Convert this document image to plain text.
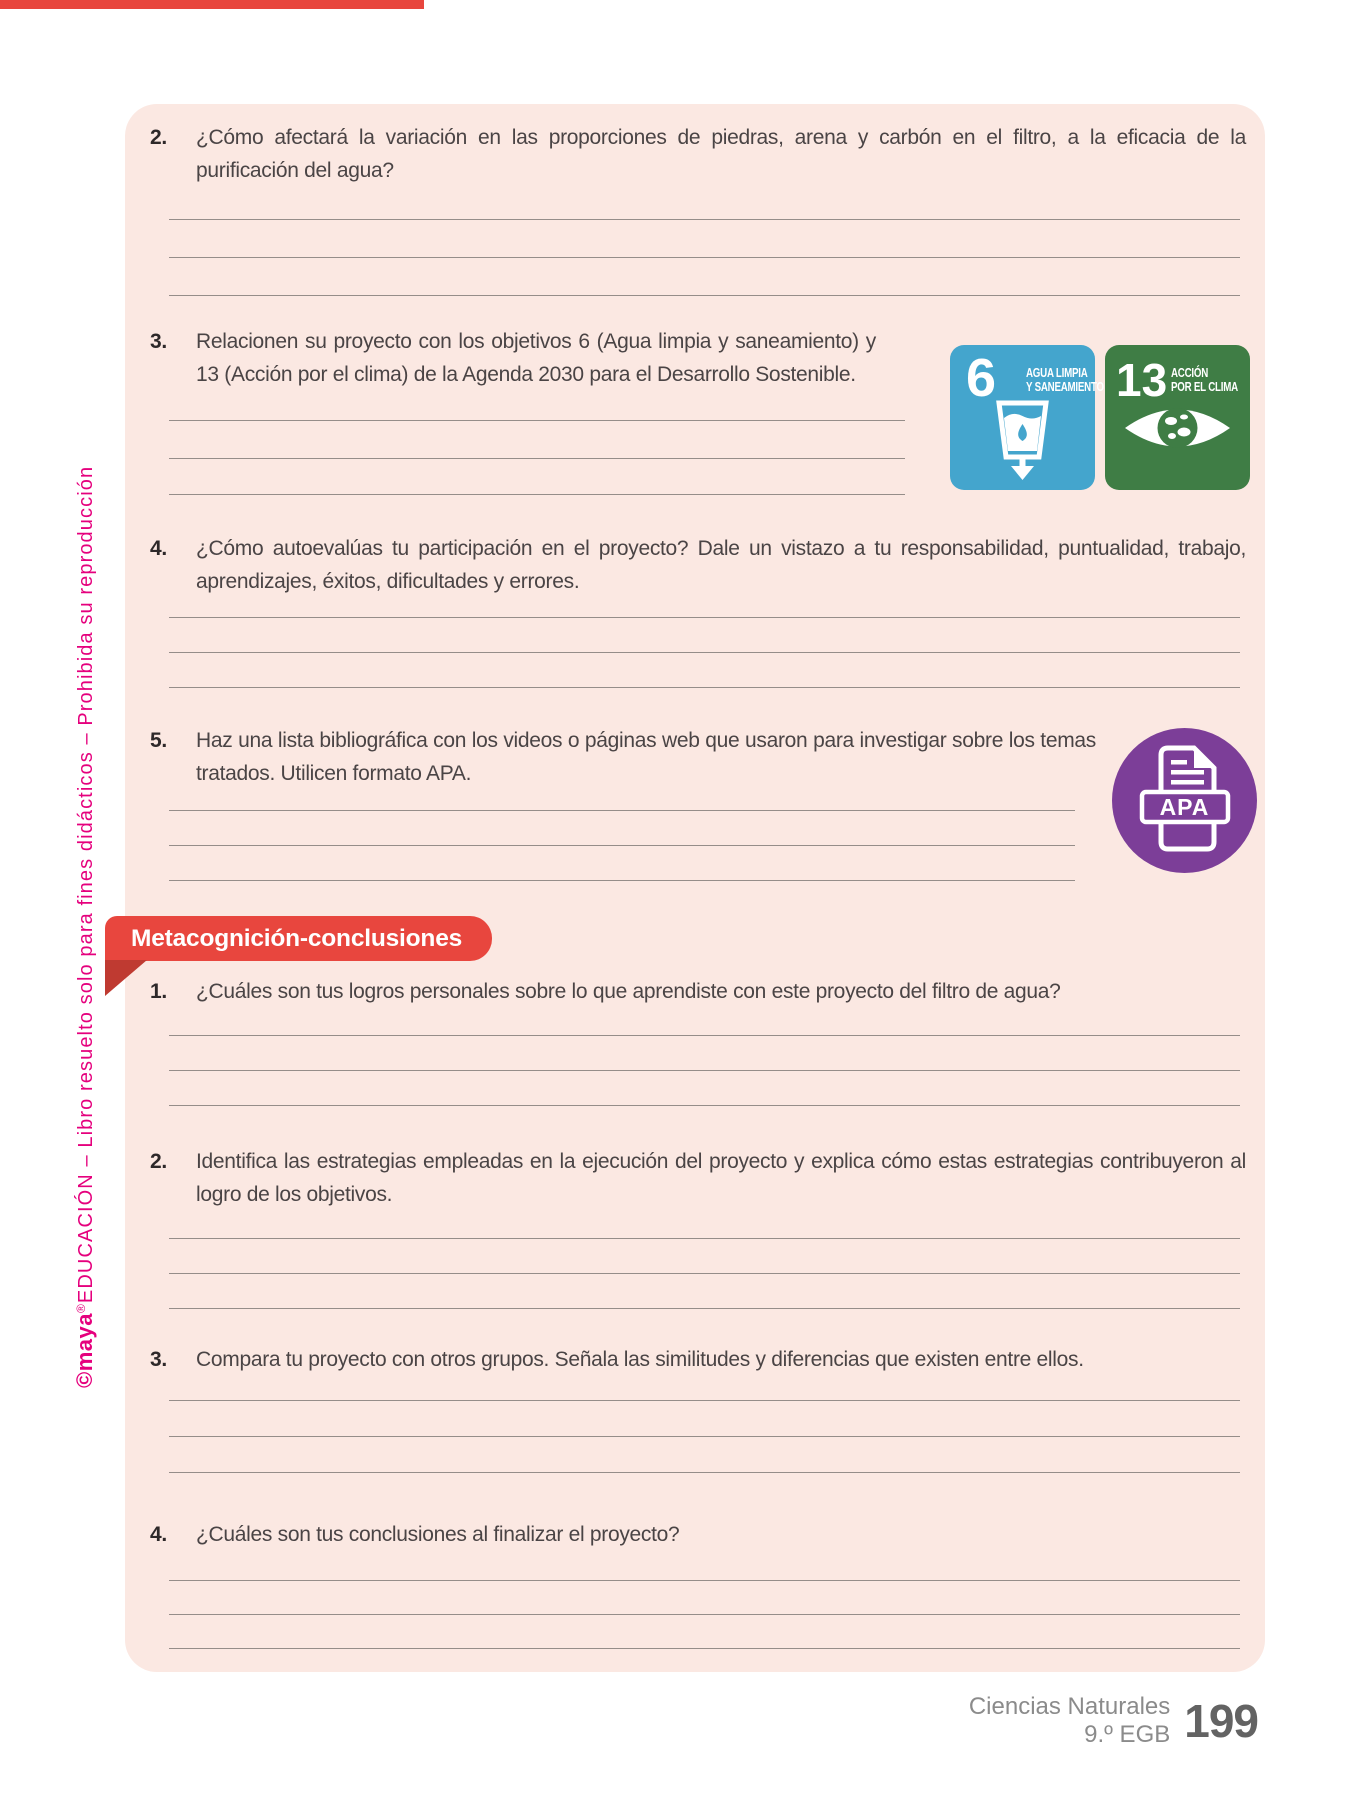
2.	¿Cómo afectará la variación en las proporciones de piedras, arena y carbón en el filtro, a la eficacia de la purificación del agua?
3.	Relacionen su proyecto con los objetivos 6 (Agua limpia y saneamiento) y 13 (Acción por el clima) de la Agenda 2030 para el Desarrollo Sostenible.	6 AGUA LIMPIA
Y SANEAMIENTO 13 ACCIÓN
POR EL CLIMA
4.	¿Cómo autoevalúas tu participación en el proyecto? Dale un vistazo a tu responsabilidad, puntualidad, trabajo, aprendizajes, éxitos, dificultades y errores.
5.	Haz una lista bibliográfica con los videos o páginas web que usaron para investigar sobre los temas tratados. Utilicen formato APA.
APA
Metacognición-conclusiones
1.	¿Cuáles son tus logros personales sobre lo que aprendiste con este proyecto del filtro de agua?
2.	Identifica las estrategias empleadas en la ejecución del proyecto y explica cómo estas estrategias contribuyeron al logro de los objetivos.
3.	Compara tu proyecto con otros grupos. Señala las similitudes y diferencias que existen entre ellos.
4.	¿Cuáles son tus conclusiones al finalizar el proyecto?
©maya®EDUCACIÓN – Libro resuelto solo para fines didácticos – Prohibida su reproducción
Ciencias Naturales
9.º EGB 199
